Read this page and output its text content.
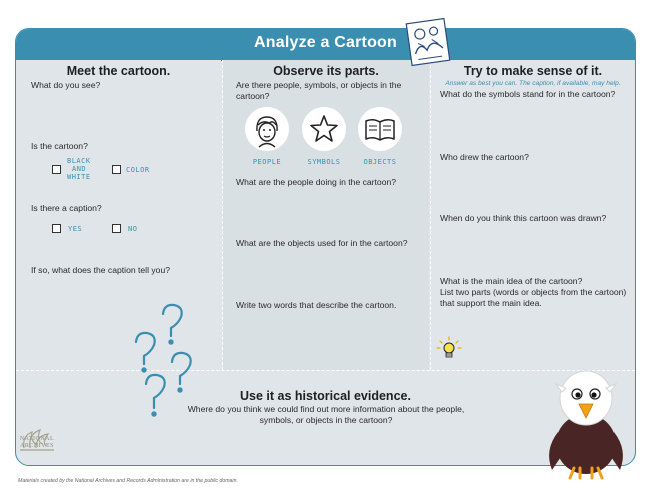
Analyze a Cartoon
Meet the cartoon.
What do you see?
Is the cartoon?
BLACK
AND
WHITE
COLOR
Is there a caption?
YES	NO
If so, what does the caption tell you?
Observe its parts.
Are there people, symbols, or objects in the cartoon?
PEOPLE	SYMBOLS	OBJECTS
What are the people doing in the cartoon?
What are the objects used for in the cartoon?
Write two words that describe the cartoon.
Try to make sense of it.
Answer as best you can. The caption, if available, may help.
What do the symbols stand for in the cartoon?
Who drew the cartoon?
When do you think this cartoon was drawn?
What is the main idea of the cartoon?
List two parts (words or objects from the cartoon) that support the main idea.
Use it as historical evidence.
Where do you think we could find out more information about the people, symbols, or objects in the cartoon?
NATIONAL
ARCHIVES
Materials created by the National Archives and Records Administration are in the public domain.
